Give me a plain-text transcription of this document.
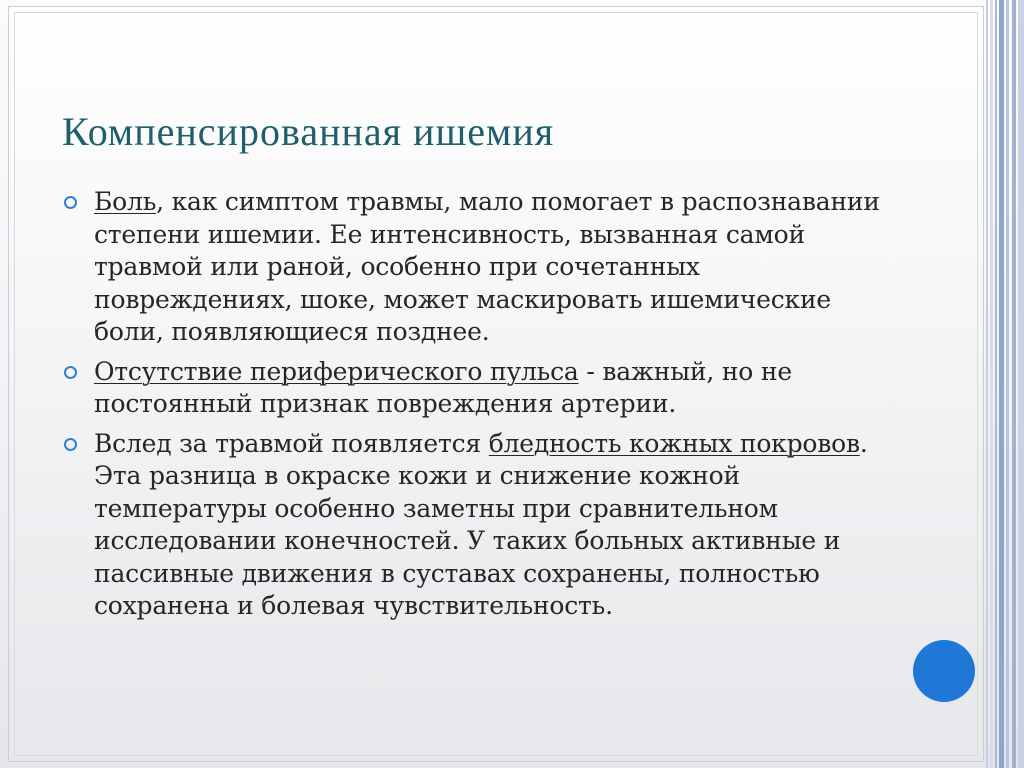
Компенсированная ишемия
Боль, как симптом травмы, мало помогает в распознавании степени ишемии. Ее интенсивность, вызванная самой травмой или раной, особенно при сочетанных повреждениях, шоке, может маскировать ишемические боли, появляющиеся позднее.
Отсутствие периферического пульса - важный, но не постоянный признак повреждения артерии.
Вслед за травмой появляется бледность кожных покровов. Эта разница в окраске кожи и снижение кожной температуры особенно заметны при сравнительном исследовании конечностей. У таких больных активные и пассивные движения в суставах сохранены, полностью сохранена и болевая чувствительность.
